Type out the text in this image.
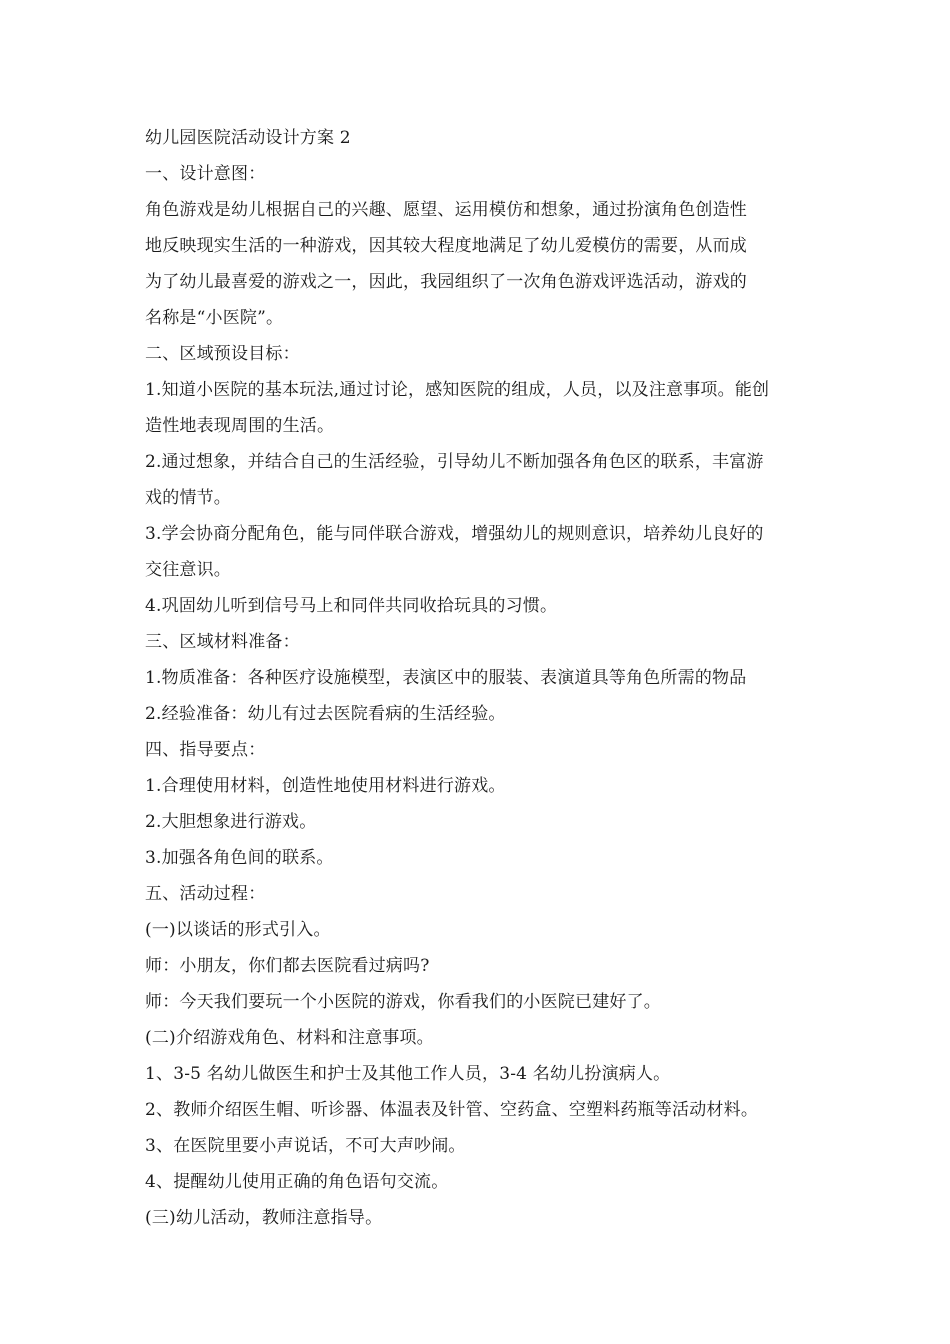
幼儿园医院活动设计方案 2
一、设计意图：
角色游戏是幼儿根据自己的兴趣、愿望、运用模仿和想象，通过扮演角色创造性
地反映现实生活的一种游戏，因其较大程度地满足了幼儿爱模仿的需要，从而成
为了幼儿最喜爱的游戏之一，因此，我园组织了一次角色游戏评选活动，游戏的
名称是“小医院”。
二、区域预设目标：
1.知道小医院的基本玩法,通过讨论，感知医院的组成，人员，以及注意事项。能创
造性地表现周围的生活。
2.通过想象，并结合自己的生活经验，引导幼儿不断加强各角色区的联系，丰富游
戏的情节。
3.学会协商分配角色，能与同伴联合游戏，增强幼儿的规则意识，培养幼儿良好的
交往意识。
4.巩固幼儿听到信号马上和同伴共同收拾玩具的习惯。
三、区域材料准备：
1.物质准备：各种医疗设施模型，表演区中的服装、表演道具等角色所需的物品
2.经验准备：幼儿有过去医院看病的生活经验。
四、指导要点：
1.合理使用材料，创造性地使用材料进行游戏。
2.大胆想象进行游戏。
3.加强各角色间的联系。
五、活动过程：
(一)以谈话的形式引入。
师：小朋友，你们都去医院看过病吗?
师：今天我们要玩一个小医院的游戏，你看我们的小医院已建好了。
(二)介绍游戏角色、材料和注意事项。
1、3-5 名幼儿做医生和护士及其他工作人员，3-4 名幼儿扮演病人。
2、教师介绍医生帽、听诊器、体温表及针管、空药盒、空塑料药瓶等活动材料。
3、在医院里要小声说话，不可大声吵闹。
4、提醒幼儿使用正确的角色语句交流。
(三)幼儿活动，教师注意指导。
